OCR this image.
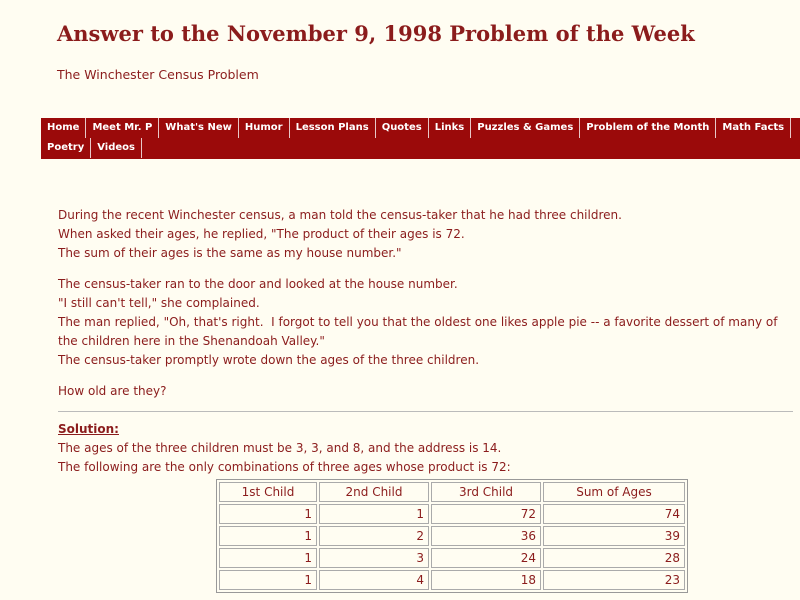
Answer to the November 9, 1998 Problem of the Week
The Winchester Census Problem
Home	Meet Mr. P	What's New	Humor	Lesson Plans	Quotes	Links	Puzzles & Games	Problem of the Month	Math Facts
Poetry	Videos
During the recent Winchester census, a man told the census-taker that he had three children.
When asked their ages, he replied, "The product of their ages is 72.
The sum of their ages is the same as my house number."
The census-taker ran to the door and looked at the house number.
"I still can't tell," she complained.
The man replied, "Oh, that's right.  I forgot to tell you that the oldest one likes apple pie -- a favorite dessert of many of
the children here in the Shenandoah Valley."
The census-taker promptly wrote down the ages of the three children.
How old are they?
Solution:
The ages of the three children must be 3, 3, and 8, and the address is 14.
The following are the only combinations of three ages whose product is 72:
1st Child	2nd Child	3rd Child	Sum of Ages
1	1	72	74
1	2	36	39
1	3	24	28
1	4	18	23
